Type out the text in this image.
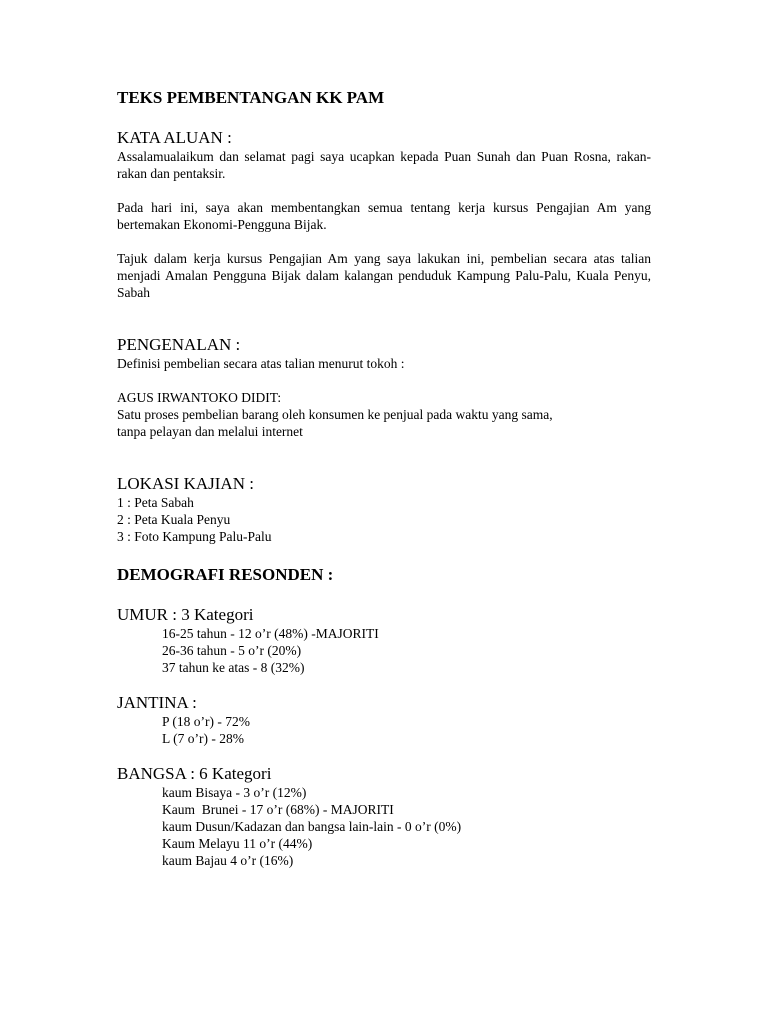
TEKS PEMBENTANGAN KK PAM
KATA ALUAN :

Assalamualaikum dan selamat pagi saya ucapkan kepada Puan Sunah dan Puan Rosna, rakan-rakan dan pentaksir.

Pada hari ini, saya akan membentangkan semua tentang kerja kursus Pengajian Am yang bertemakan Ekonomi-Pengguna Bijak.

Tajuk dalam kerja kursus Pengajian Am yang saya lakukan ini, pembelian secara atas talian menjadi Amalan Pengguna Bijak dalam kalangan penduduk Kampung Palu-Palu, Kuala Penyu, Sabah

PENGENALAN :

Definisi pembelian secara atas talian menurut tokoh :

AGUS IRWANTOKO DIDIT:

Satu proses pembelian barang oleh konsumen ke penjual pada waktu yang sama,
tanpa pelayan dan melalui internet
LOKASI KAJIAN :
1 : Peta Sabah
2 : Peta Kuala Penyu
3 : Foto Kampung Palu-Palu
DEMOGRAFI RESONDEN :
UMUR : 3 Kategori
16-25 tahun - 12 o’r (48%) -MAJORITI
26-36 tahun - 5 o’r (20%)
37 tahun ke atas - 8 (32%)
JANTINA :
P (18 o’r) - 72%
L (7 o’r) - 28%
BANGSA : 6 Kategori
kaum Bisaya - 3 o’r (12%)
Kaum  Brunei - 17 o’r (68%) - MAJORITI
kaum Dusun/Kadazan dan bangsa lain-lain - 0 o’r (0%)
Kaum Melayu 11 o’r (44%)
kaum Bajau 4 o’r (16%)
